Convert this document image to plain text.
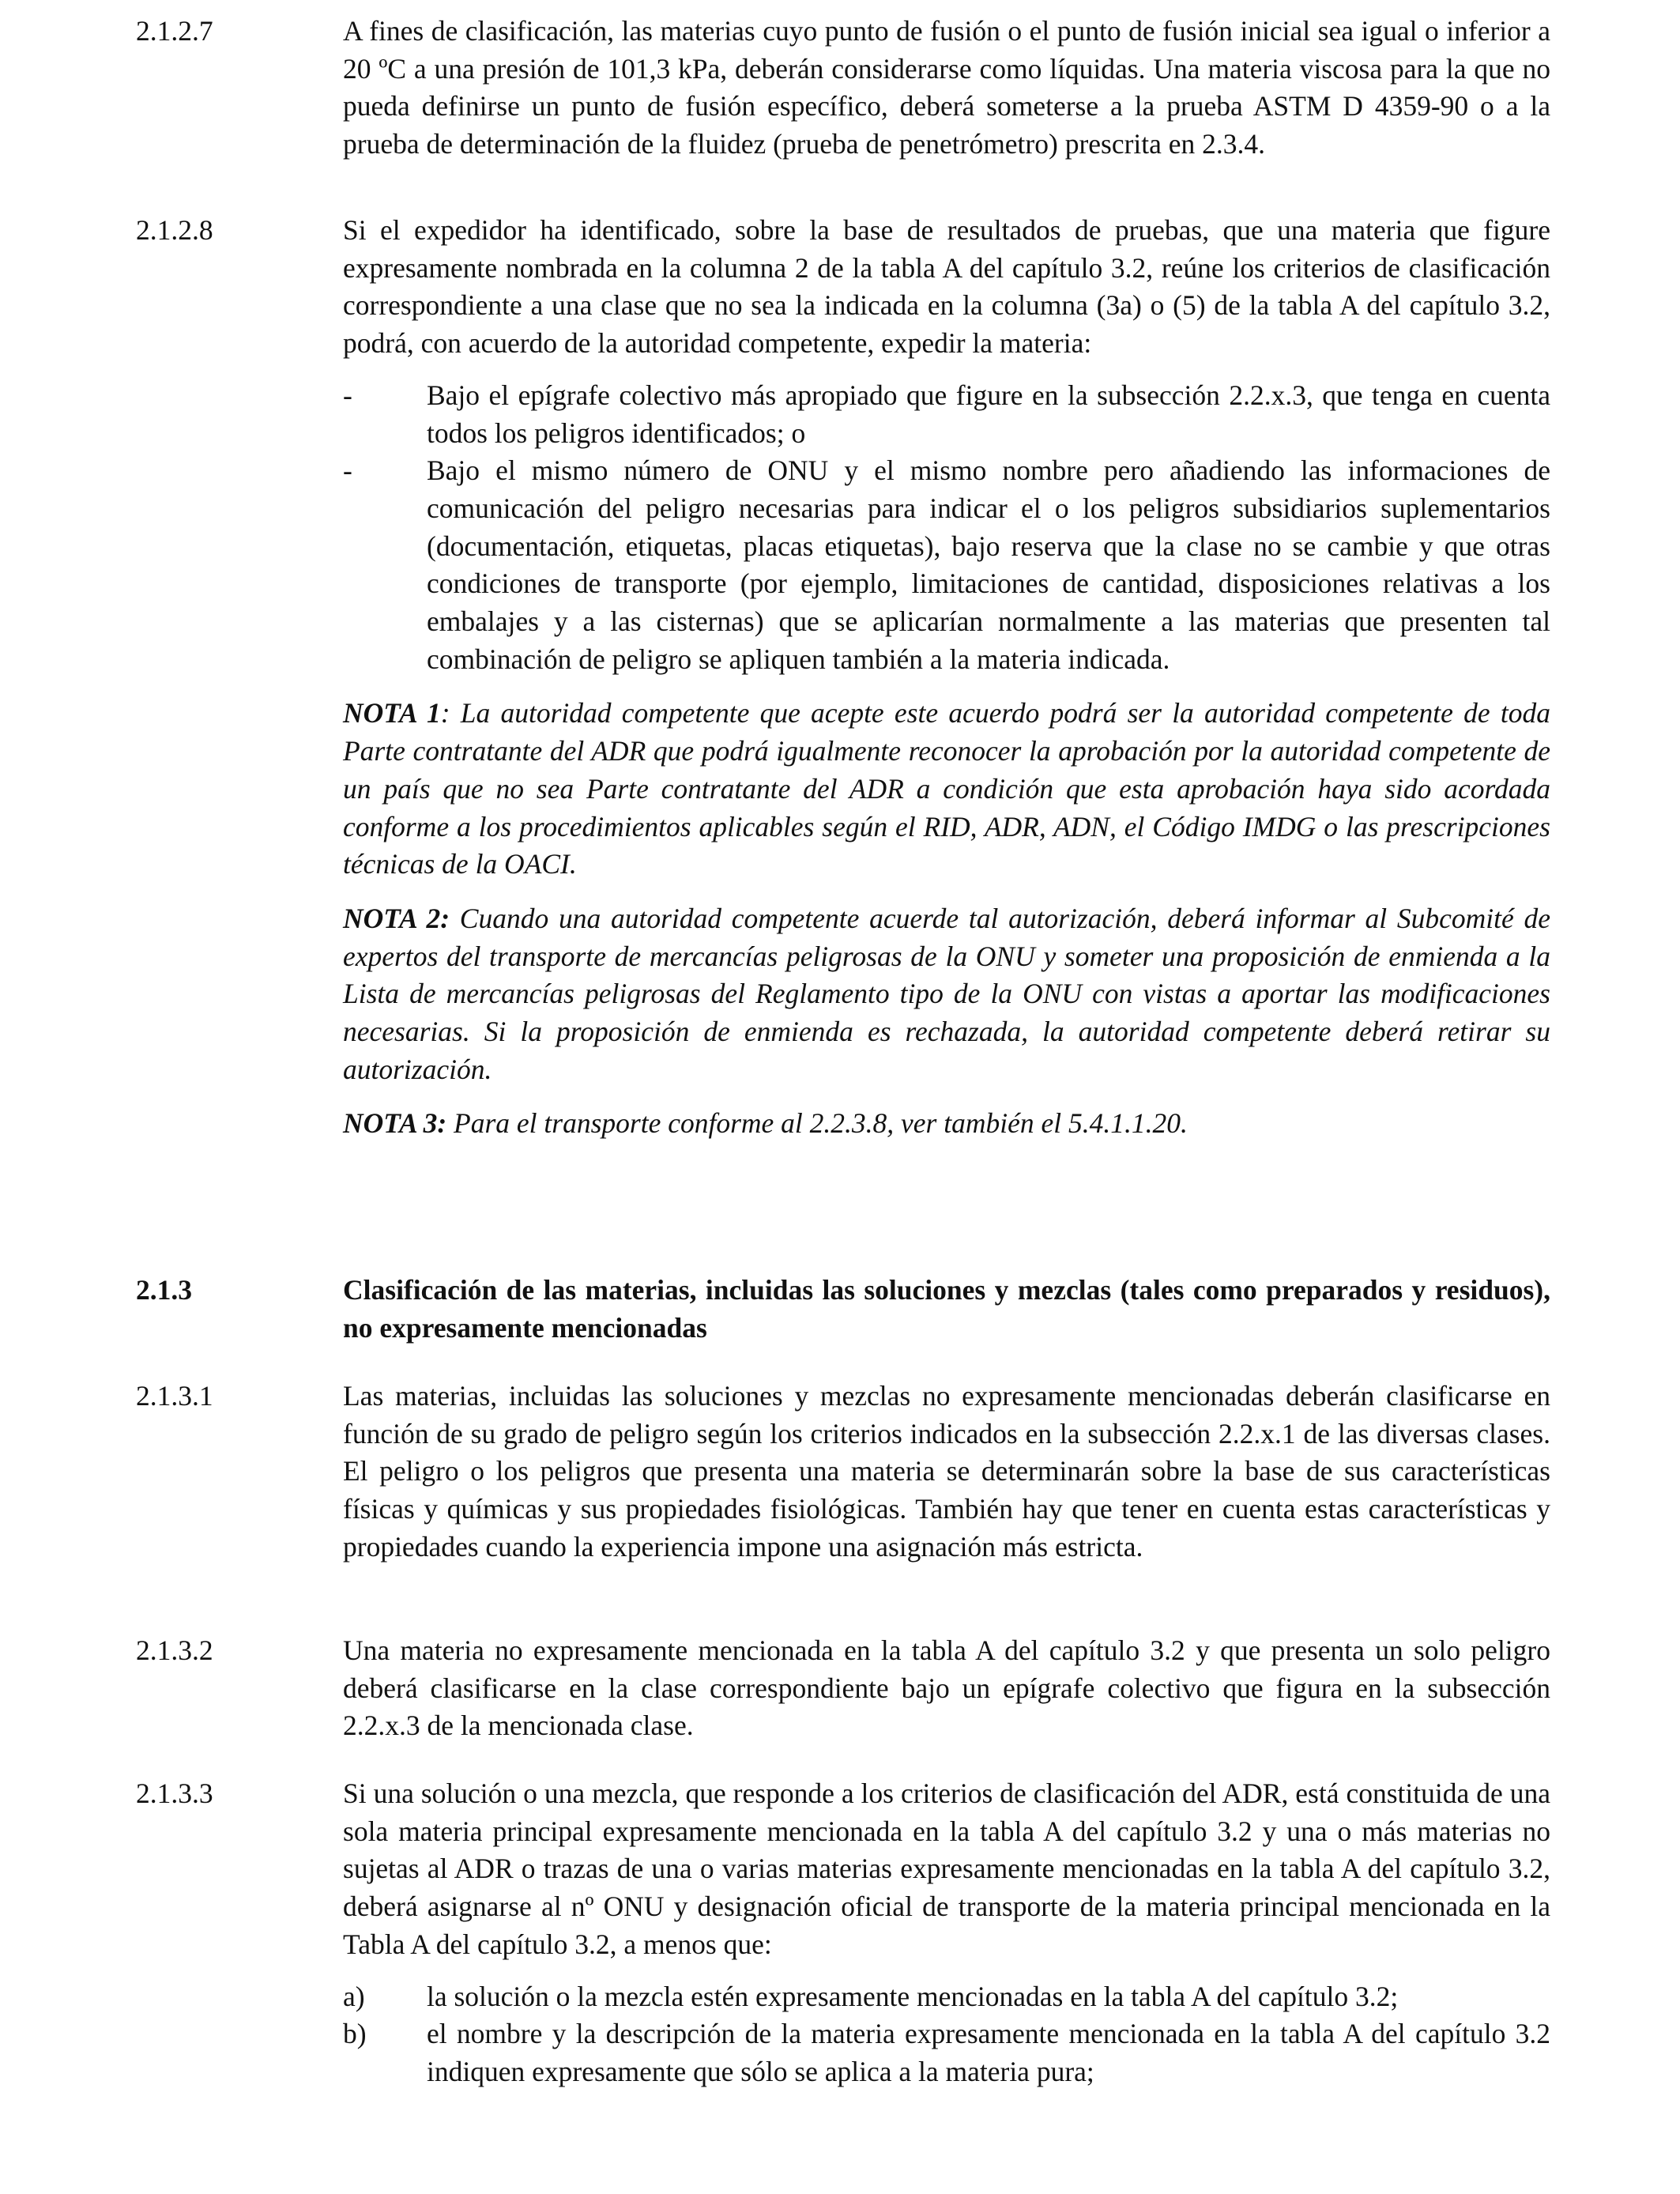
2.1.2.7	A fines de clasificación, las materias cuyo punto de fusión o el punto de fusión inicial sea igual o inferior a 20 ºC a una presión de 101,3 kPa, deberán considerarse como líquidas. Una materia viscosa para la que no pueda definirse un punto de fusión específico, deberá someterse a la prueba ASTM D 4359-90 o a la prueba de determinación de la fluidez (prueba de penetrómetro) prescrita en 2.3.4.

2.1.2.8	Si el expedidor ha identificado, sobre la base de resultados de pruebas, que una materia que figure expresamente nombrada en la columna 2 de la tabla A del capítulo 3.2, reúne los criterios de clasificación correspondiente a una clase que no sea la indicada en la columna (3a) o (5) de la tabla A del capítulo 3.2, podrá, con acuerdo de la autoridad competente, expedir la materia:

-	Bajo el epígrafe colectivo más apropiado que figure en la subsección 2.2.x.3, que tenga en cuenta todos los peligros identificados; o

-	Bajo el mismo número de ONU y el mismo nombre pero añadiendo las informaciones de comunicación del peligro necesarias para indicar el o los peligros subsidiarios suplementarios (documentación, etiquetas, placas etiquetas), bajo reserva que la clase no se cambie y que otras condiciones de transporte (por ejemplo, limitaciones de cantidad, disposiciones relativas a los embalajes y a las cisternas) que se aplicarían normalmente a las materias que presenten tal combinación de peligro se apliquen también a la materia indicada.

NOTA 1: La autoridad competente que acepte este acuerdo podrá ser la autoridad competente de toda Parte contratante del ADR que podrá igualmente reconocer la aprobación por la autoridad competente de un país que no sea Parte contratante del ADR a condición que esta aprobación haya sido acordada conforme a los procedimientos aplicables según el RID, ADR, ADN, el Código IMDG o las prescripciones técnicas de la OACI.

NOTA 2: Cuando una autoridad competente acuerde tal autorización, deberá informar al Subcomité de expertos del transporte de mercancías peligrosas de la ONU y someter una proposición de enmienda a la Lista de mercancías peligrosas del Reglamento tipo de la ONU con vistas a aportar las modificaciones necesarias. Si la proposición de enmienda es rechazada, la autoridad competente deberá retirar su autorización.

NOTA 3: Para el transporte conforme al 2.2.3.8, ver también el 5.4.1.1.20.

2.1.3	Clasificación de las materias, incluidas las soluciones y mezclas (tales como preparados y residuos), no expresamente mencionadas

2.1.3.1	Las materias, incluidas las soluciones y mezclas no expresamente mencionadas deberán clasificarse en función de su grado de peligro según los criterios indicados en la subsección 2.2.x.1 de las diversas clases. El peligro o los peligros que presenta una materia se determinarán sobre la base de sus características físicas y químicas y sus propiedades fisiológicas. También hay que tener en cuenta estas características y propiedades cuando la experiencia impone una asignación más estricta.

2.1.3.2	Una materia no expresamente mencionada en la tabla A del capítulo 3.2 y que presenta un solo peligro deberá clasificarse en la clase correspondiente bajo un epígrafe colectivo que figura en la subsección 2.2.x.3 de la mencionada clase.

2.1.3.3	Si una solución o una mezcla, que responde a los criterios de clasificación del ADR, está constituida de una sola materia principal expresamente mencionada en la tabla A del capítulo 3.2 y una o más materias no sujetas al ADR o trazas de una o varias materias expresamente mencionadas en la tabla A del capítulo 3.2, deberá asignarse al nº ONU y designación oficial de transporte de la materia principal mencionada en la Tabla A del capítulo 3.2, a menos que:

a) la solución o la mezcla estén expresamente mencionadas en la tabla A del capítulo 3.2;

b) el nombre y la descripción de la materia expresamente mencionada en la tabla A del capítulo 3.2 indiquen expresamente que sólo se aplica a la materia pura;
